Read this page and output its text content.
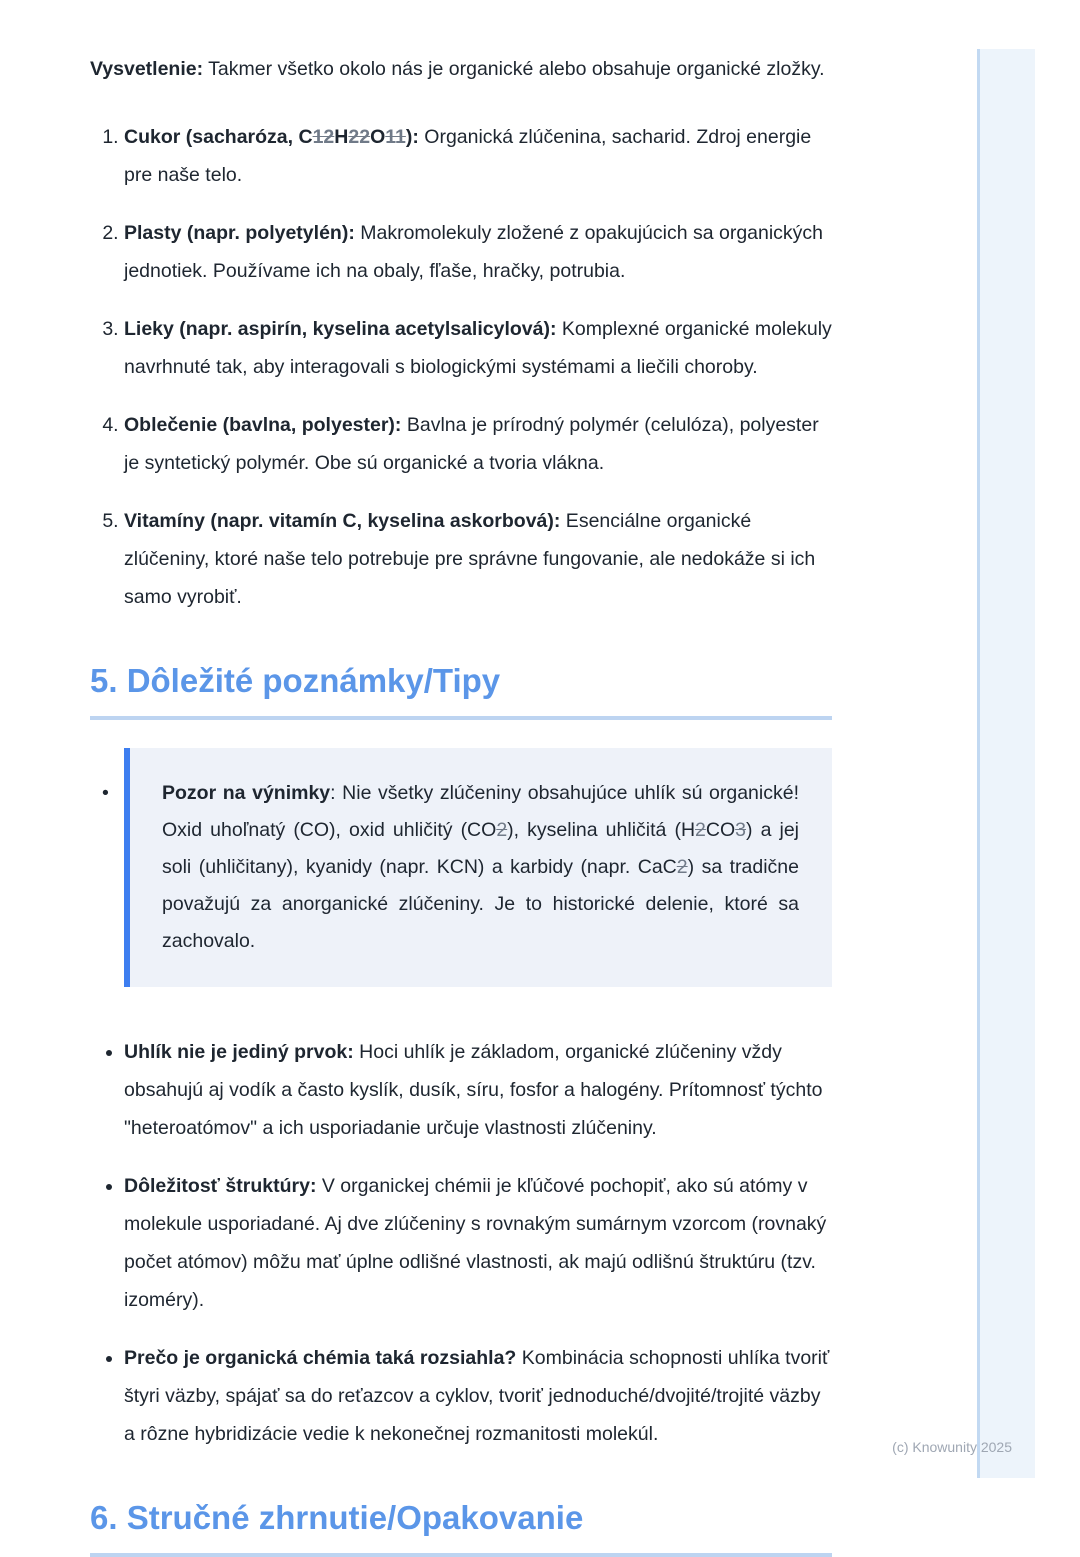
Vysvetlenie: Takmer všetko okolo nás je organické alebo obsahuje organické zložky.

1. Cukor (sacharóza, C12H22O11): Organická zlúčenina, sacharid. Zdroj energie pre naše telo.
2. Plasty (napr. polyetylén): Makromolekuly zložené z opakujúcich sa organických jednotiek. Používame ich na obaly, fľaše, hračky, potrubia.
3. Lieky (napr. aspirín, kyselina acetylsalicylová): Komplexné organické molekuly navrhnuté tak, aby interagovali s biologickými systémami a liečili choroby.
4. Oblečenie (bavlna, polyester): Bavlna je prírodný polymér (celulóza), polyester je syntetický polymér. Obe sú organické a tvoria vlákna.
5. Vitamíny (napr. vitamín C, kyselina askorbová): Esenciálne organické zlúčeniny, ktoré naše telo potrebuje pre správne fungovanie, ale nedokáže si ich samo vyrobiť.
5. Dôležité poznámky/Tipy
•	Pozor na výnimky: Nie všetky zlúčeniny obsahujúce uhlík sú organické! Oxid uhoľnatý (CO), oxid uhličitý (CO2), kyselina uhličitá (H2CO3) a jej soli (uhličitany), kyanidy (napr. KCN) a karbidy (napr. CaC2) sa tradične považujú za anorganické zlúčeniny. Je to historické delenie, ktoré sa zachovalo.
• Uhlík nie je jediný prvok: Hoci uhlík je základom, organické zlúčeniny vždy obsahujú aj vodík a často kyslík, dusík, síru, fosfor a halogény. Prítomnosť týchto "heteroatómov" a ich usporiadanie určuje vlastnosti zlúčeniny.
• Dôležitosť štruktúry: V organickej chémii je kľúčové pochopiť, ako sú atómy v molekule usporiadané. Aj dve zlúčeniny s rovnakým sumárnym vzorcom (rovnaký počet atómov) môžu mať úplne odlišné vlastnosti, ak majú odlišnú štruktúru (tzv. izoméry).
• Prečo je organická chémia taká rozsiahla? Kombinácia schopnosti uhlíka tvoriť štyri väzby, spájať sa do reťazcov a cyklov, tvoriť jednoduché/dvojité/trojité väzby a rôzne hybridizácie vedie k nekonečnej rozmanitosti molekúl.
6. Stručné zhrnutie/Opakovanie
(c) Knowunity 2025
